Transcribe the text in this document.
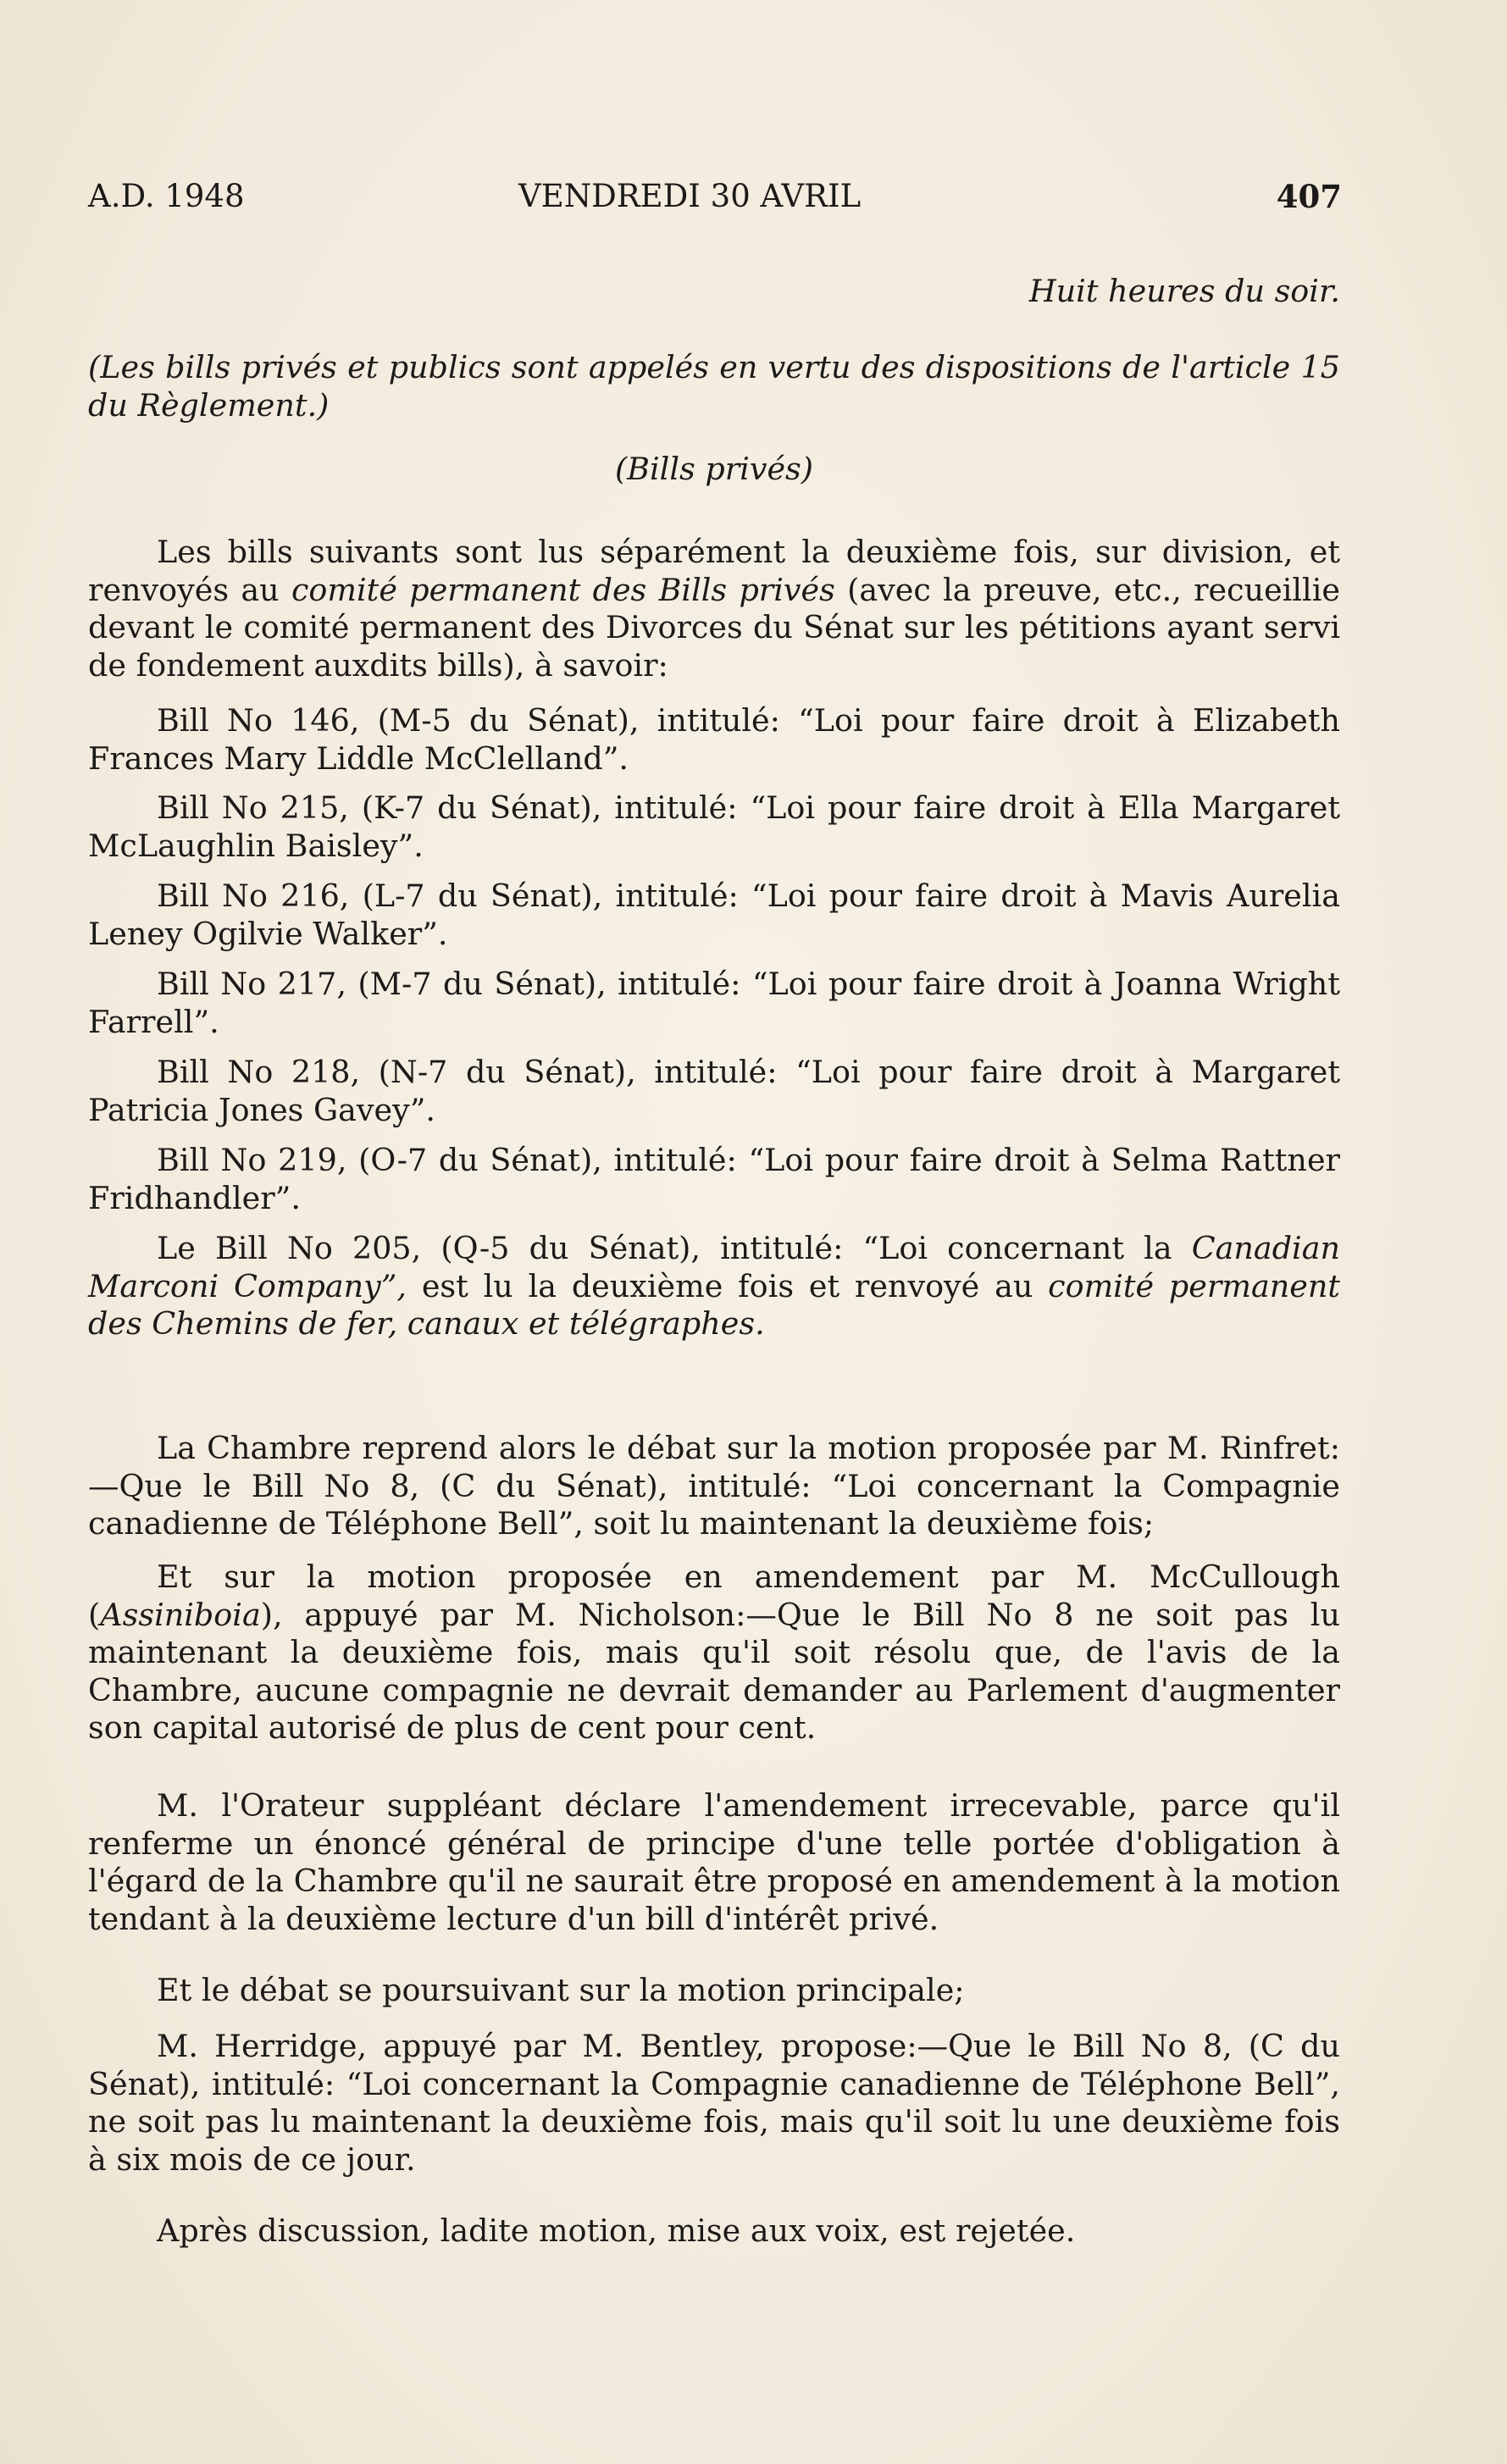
A.D. 1948	VENDREDI 30 AVRIL	407

Huit heures du soir.

(Les bills privés et publics sont appelés en vertu des dispositions de l'article 15 du Règlement.)

(Bills privés)

Les bills suivants sont lus séparément la deuxième fois, sur division, et renvoyés au comité permanent des Bills privés (avec la preuve, etc., recueillie devant le comité permanent des Divorces du Sénat sur les pétitions ayant servi de fondement auxdits bills), à savoir:

Bill No 146, (M-5 du Sénat), intitulé: “Loi pour faire droit à Elizabeth Frances Mary Liddle McClelland”.

Bill No 215, (K-7 du Sénat), intitulé: “Loi pour faire droit à Ella Margaret McLaughlin Baisley”.

Bill No 216, (L-7 du Sénat), intitulé: “Loi pour faire droit à Mavis Aurelia Leney Ogilvie Walker”.

Bill No 217, (M-7 du Sénat), intitulé: “Loi pour faire droit à Joanna Wright Farrell”.

Bill No 218, (N-7 du Sénat), intitulé: “Loi pour faire droit à Margaret Patricia Jones Gavey”.

Bill No 219, (O-7 du Sénat), intitulé: “Loi pour faire droit à Selma Rattner Fridhandler”.

Le Bill No 205, (Q-5 du Sénat), intitulé: “Loi concernant la Canadian Marconi Company”, est lu la deuxième fois et renvoyé au comité permanent des Chemins de fer, canaux et télégraphes.

La Chambre reprend alors le débat sur la motion proposée par M. Rinfret:—Que le Bill No 8, (C du Sénat), intitulé: “Loi concernant la Compagnie canadienne de Téléphone Bell”, soit lu maintenant la deuxième fois;

Et sur la motion proposée en amendement par M. McCullough (Assiniboia), appuyé par M. Nicholson:—Que le Bill No 8 ne soit pas lu maintenant la deuxième fois, mais qu'il soit résolu que, de l'avis de la Chambre, aucune compagnie ne devrait demander au Parlement d'augmenter son capital autorisé de plus de cent pour cent.

M. l'Orateur suppléant déclare l'amendement irrecevable, parce qu'il renferme un énoncé général de principe d'une telle portée d'obligation à l'égard de la Chambre qu'il ne saurait être proposé en amendement à la motion tendant à la deuxième lecture d'un bill d'intérêt privé.

Et le débat se poursuivant sur la motion principale;

M. Herridge, appuyé par M. Bentley, propose:—Que le Bill No 8, (C du Sénat), intitulé: “Loi concernant la Compagnie canadienne de Téléphone Bell”, ne soit pas lu maintenant la deuxième fois, mais qu'il soit lu une deuxième fois à six mois de ce jour.

Après discussion, ladite motion, mise aux voix, est rejetée.
